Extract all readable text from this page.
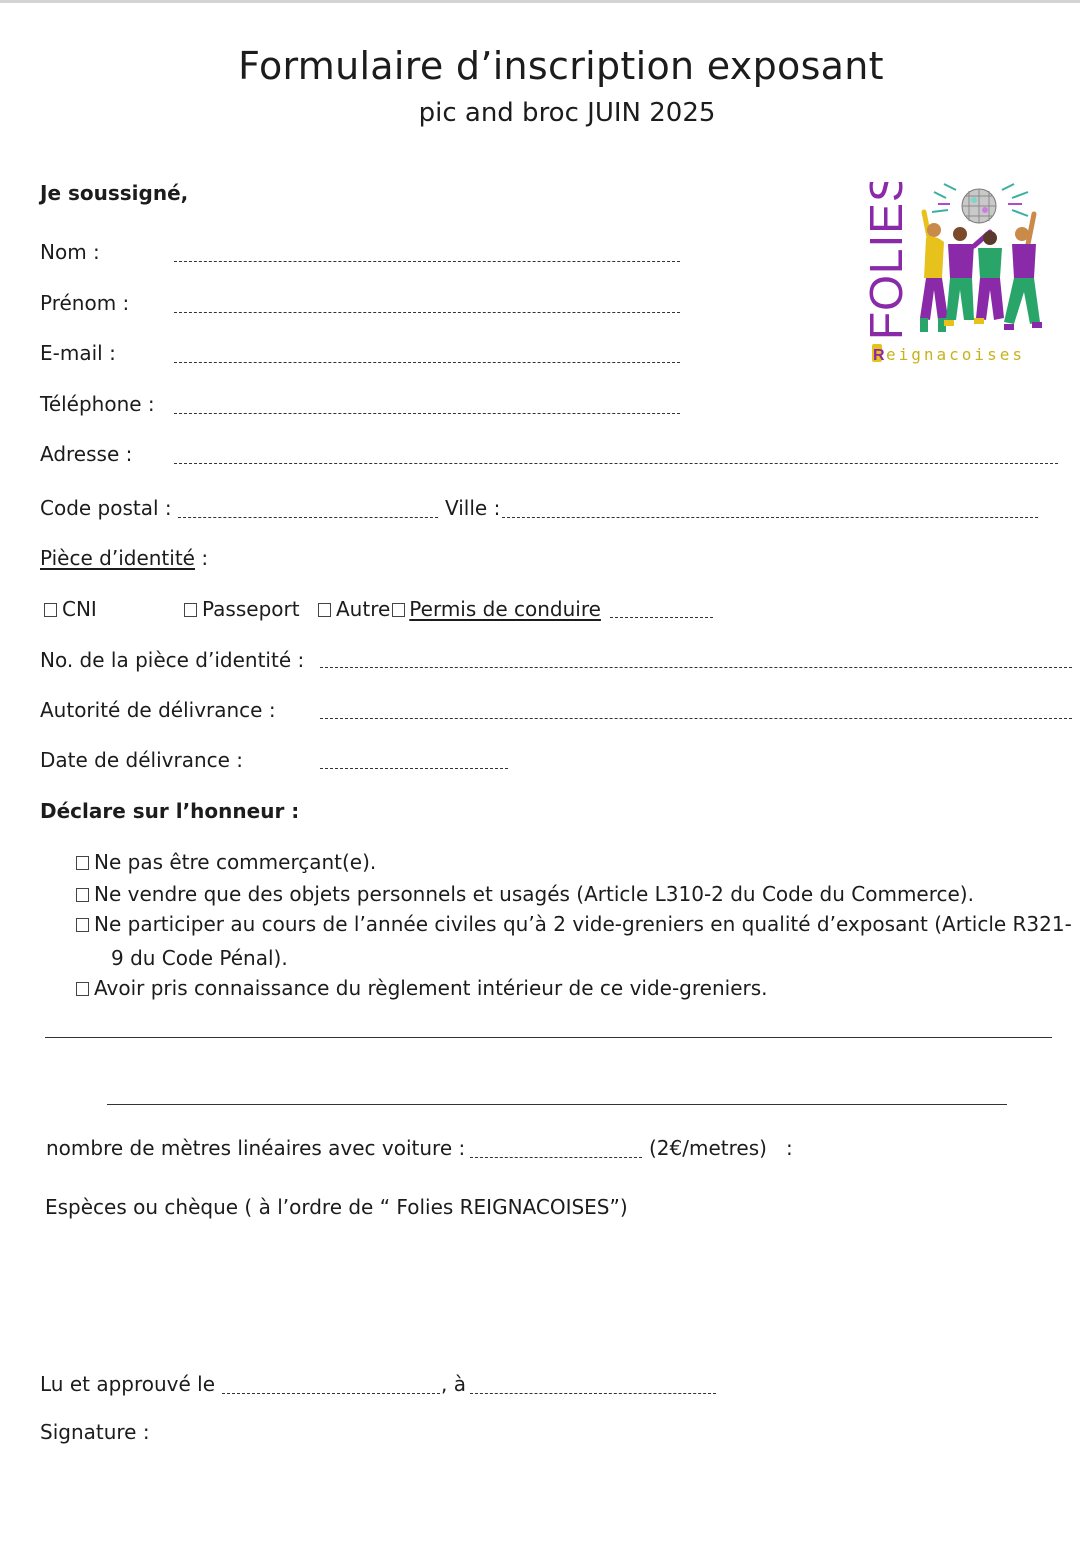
Formulaire d’inscription exposant
pic and broc JUIN 2025
FOLIES
R eignacoises
Je soussigné,
Nom :
Prénom :
E-mail :
Téléphone :
Adresse :
Code postal :	Ville :
Pièce d’identité :
CNI	Passeport	Autre Permis de conduire
No. de la pièce d’identité :
Autorité de délivrance :
Date de délivrance :
Déclare sur l’honneur :
Ne pas être commerçant(e).
Ne vendre que des objets personnels et usagés (Article L310-2 du Code du Commerce).
Ne participer au cours de l’année civiles qu’à 2 vide-greniers en qualité d’exposant (Article R321-
9 du Code Pénal).
Avoir pris connaissance du règlement intérieur de ce vide-greniers.
nombre de mètres linéaires avec voiture :	(2€/metres)   :
Espèces ou chèque ( à l’ordre de “ Folies REIGNACOISES”)
Lu et approuvé le	, à
Signature :
